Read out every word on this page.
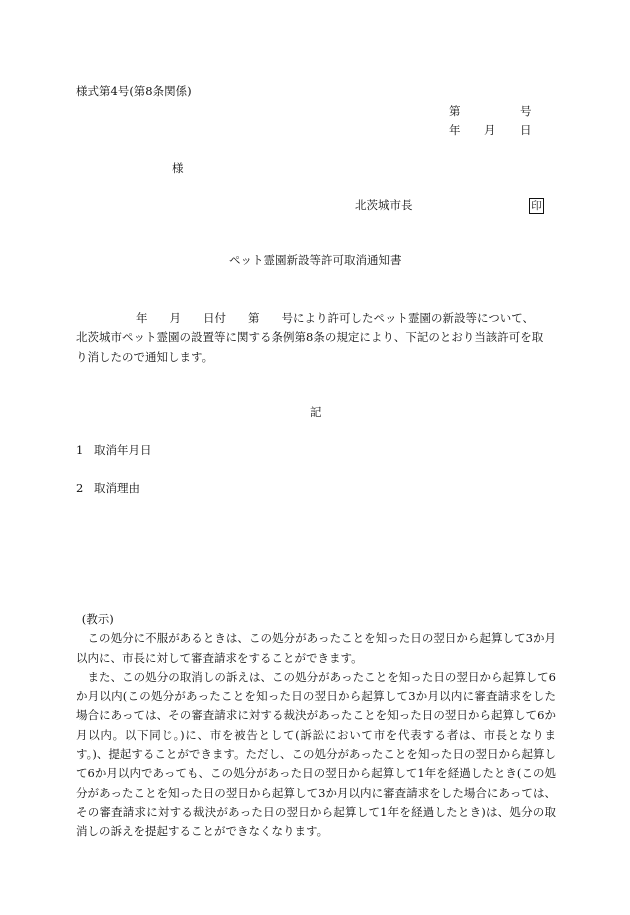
様式第4号(第8条関係)
第	号
年 月 日
様
北茨城市長	印
ペット霊園新設等許可取消通知書
年 月 日付 第 号により許可したペット霊園の新設等について、
北茨城市ペット霊園の設置等に関する条例第8条の規定により、下記のとおり当該許可を取
り消したので通知します。
記
1 取消年月日
2 取消理由

(教示)

この処分に不服があるときは、この処分があったことを知った日の翌日から起算して3か月以内に、市長に対して審査請求をすることができます。

また、この処分の取消しの訴えは、この処分があったことを知った日の翌日から起算して6か月以内(この処分があったことを知った日の翌日から起算して3か月以内に審査請求をした場合にあっては、その審査請求に対する裁決があったことを知った日の翌日から起算して6か月以内。以下同じ。)に、市を被告として(訴訟において市を代表する者は、市長となります。)、提起することができます。ただし、この処分があったことを知った日の翌日から起算して6か月以内であっても、この処分があった日の翌日から起算して1年を経過したとき(この処分があったことを知った日の翌日から起算して3か月以内に審査請求をした場合にあっては、その審査請求に対する裁決があった日の翌日から起算して1年を経過したとき)は、処分の取消しの訴えを提起することができなくなります。
